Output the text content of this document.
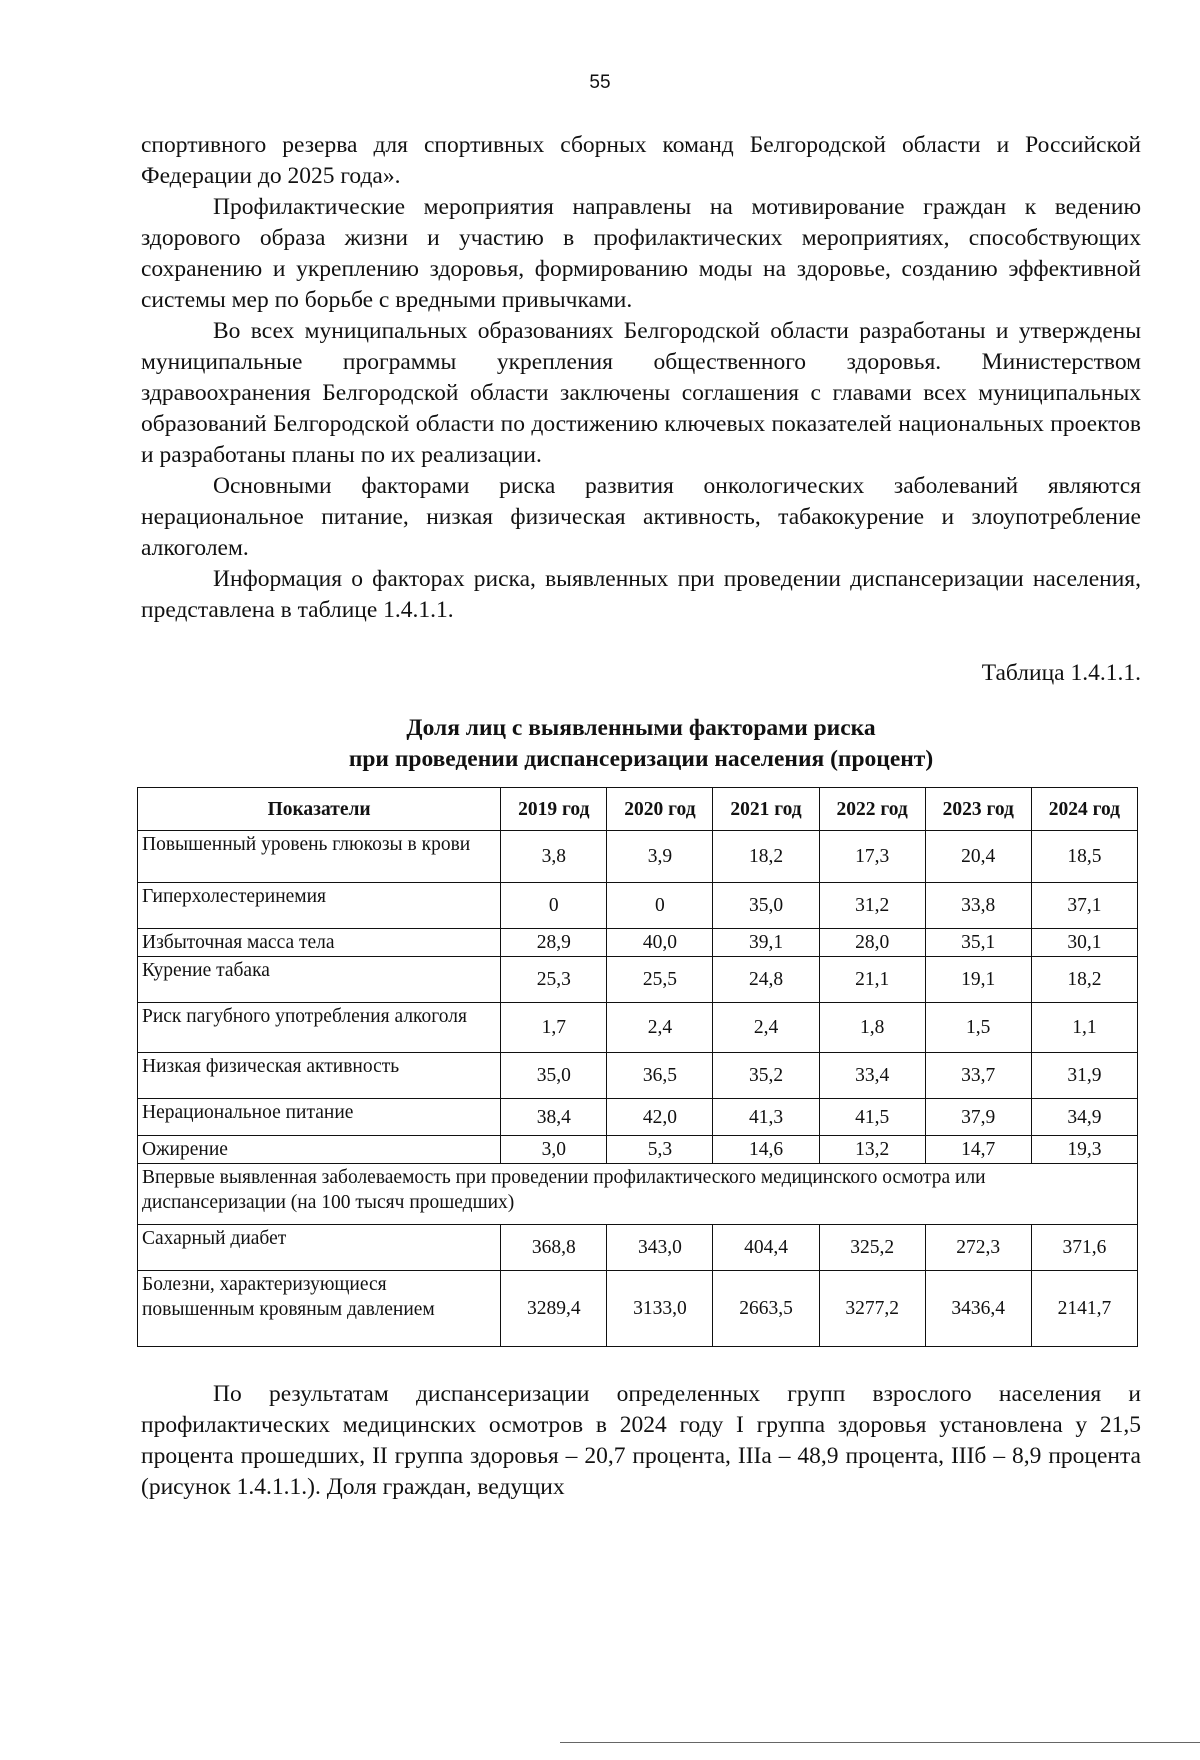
55

спортивного резерва для спортивных сборных команд Белгородской области и Российской Федерации до 2025 года».

Профилактические мероприятия направлены на мотивирование граждан к ведению здорового образа жизни и участию в профилактических мероприятиях, способствующих сохранению и укреплению здоровья, формированию моды на здоровье, созданию эффективной системы мер по борьбе с вредными привычками.

Во всех муниципальных образованиях Белгородской области разработаны и утверждены муниципальные программы укрепления общественного здоровья. Министерством здравоохранения Белгородской области заключены соглашения с главами всех муниципальных образований Белгородской области по достижению ключевых показателей национальных проектов и разработаны планы по их реализации.

Основными факторами риска развития онкологических заболеваний являются нерациональное питание, низкая физическая активность, табакокурение и злоупотребление алкоголем.

Информация о факторах риска, выявленных при проведении диспансеризации населения, представлена в таблице 1.4.1.1.

Таблица 1.4.1.1.
Доля лиц с выявленными факторами риска
при проведении диспансеризации населения (процент)
Показатели	2019 год	2020 год	2021 год	2022 год	2023 год	2024 год
Повышенный уровень глюкозы в крови	3,8	3,9	18,2	17,3	20,4	18,5
Гиперхолестеринемия	0	0	35,0	31,2	33,8	37,1
Избыточная масса тела	28,9	40,0	39,1	28,0	35,1	30,1
Курение табака	25,3	25,5	24,8	21,1	19,1	18,2
Риск пагубного употребления алкоголя	1,7	2,4	2,4	1,8	1,5	1,1
Низкая физическая активность	35,0	36,5	35,2	33,4	33,7	31,9
Нерациональное питание	38,4	42,0	41,3	41,5	37,9	34,9
Ожирение	3,0	5,3	14,6	13,2	14,7	19,3
Впервые выявленная заболеваемость при проведении профилактического медицинского осмотра или диспансеризации (на 100 тысяч прошедших)						
Сахарный диабет	368,8	343,0	404,4	325,2	272,3	371,6
Болезни, характеризующиеся повышенным кровяным давлением	3289,4	3133,0	2663,5	3277,2	3436,4	2141,7

По результатам диспансеризации определенных групп взрослого населения и профилактических медицинских осмотров в 2024 году I группа здоровья установлена у 21,5 процента прошедших, II группа здоровья – 20,7 процента, IIIа – 48,9 процента, IIIб – 8,9 процента (рисунок 1.4.1.1.). Доля граждан, ведущих
